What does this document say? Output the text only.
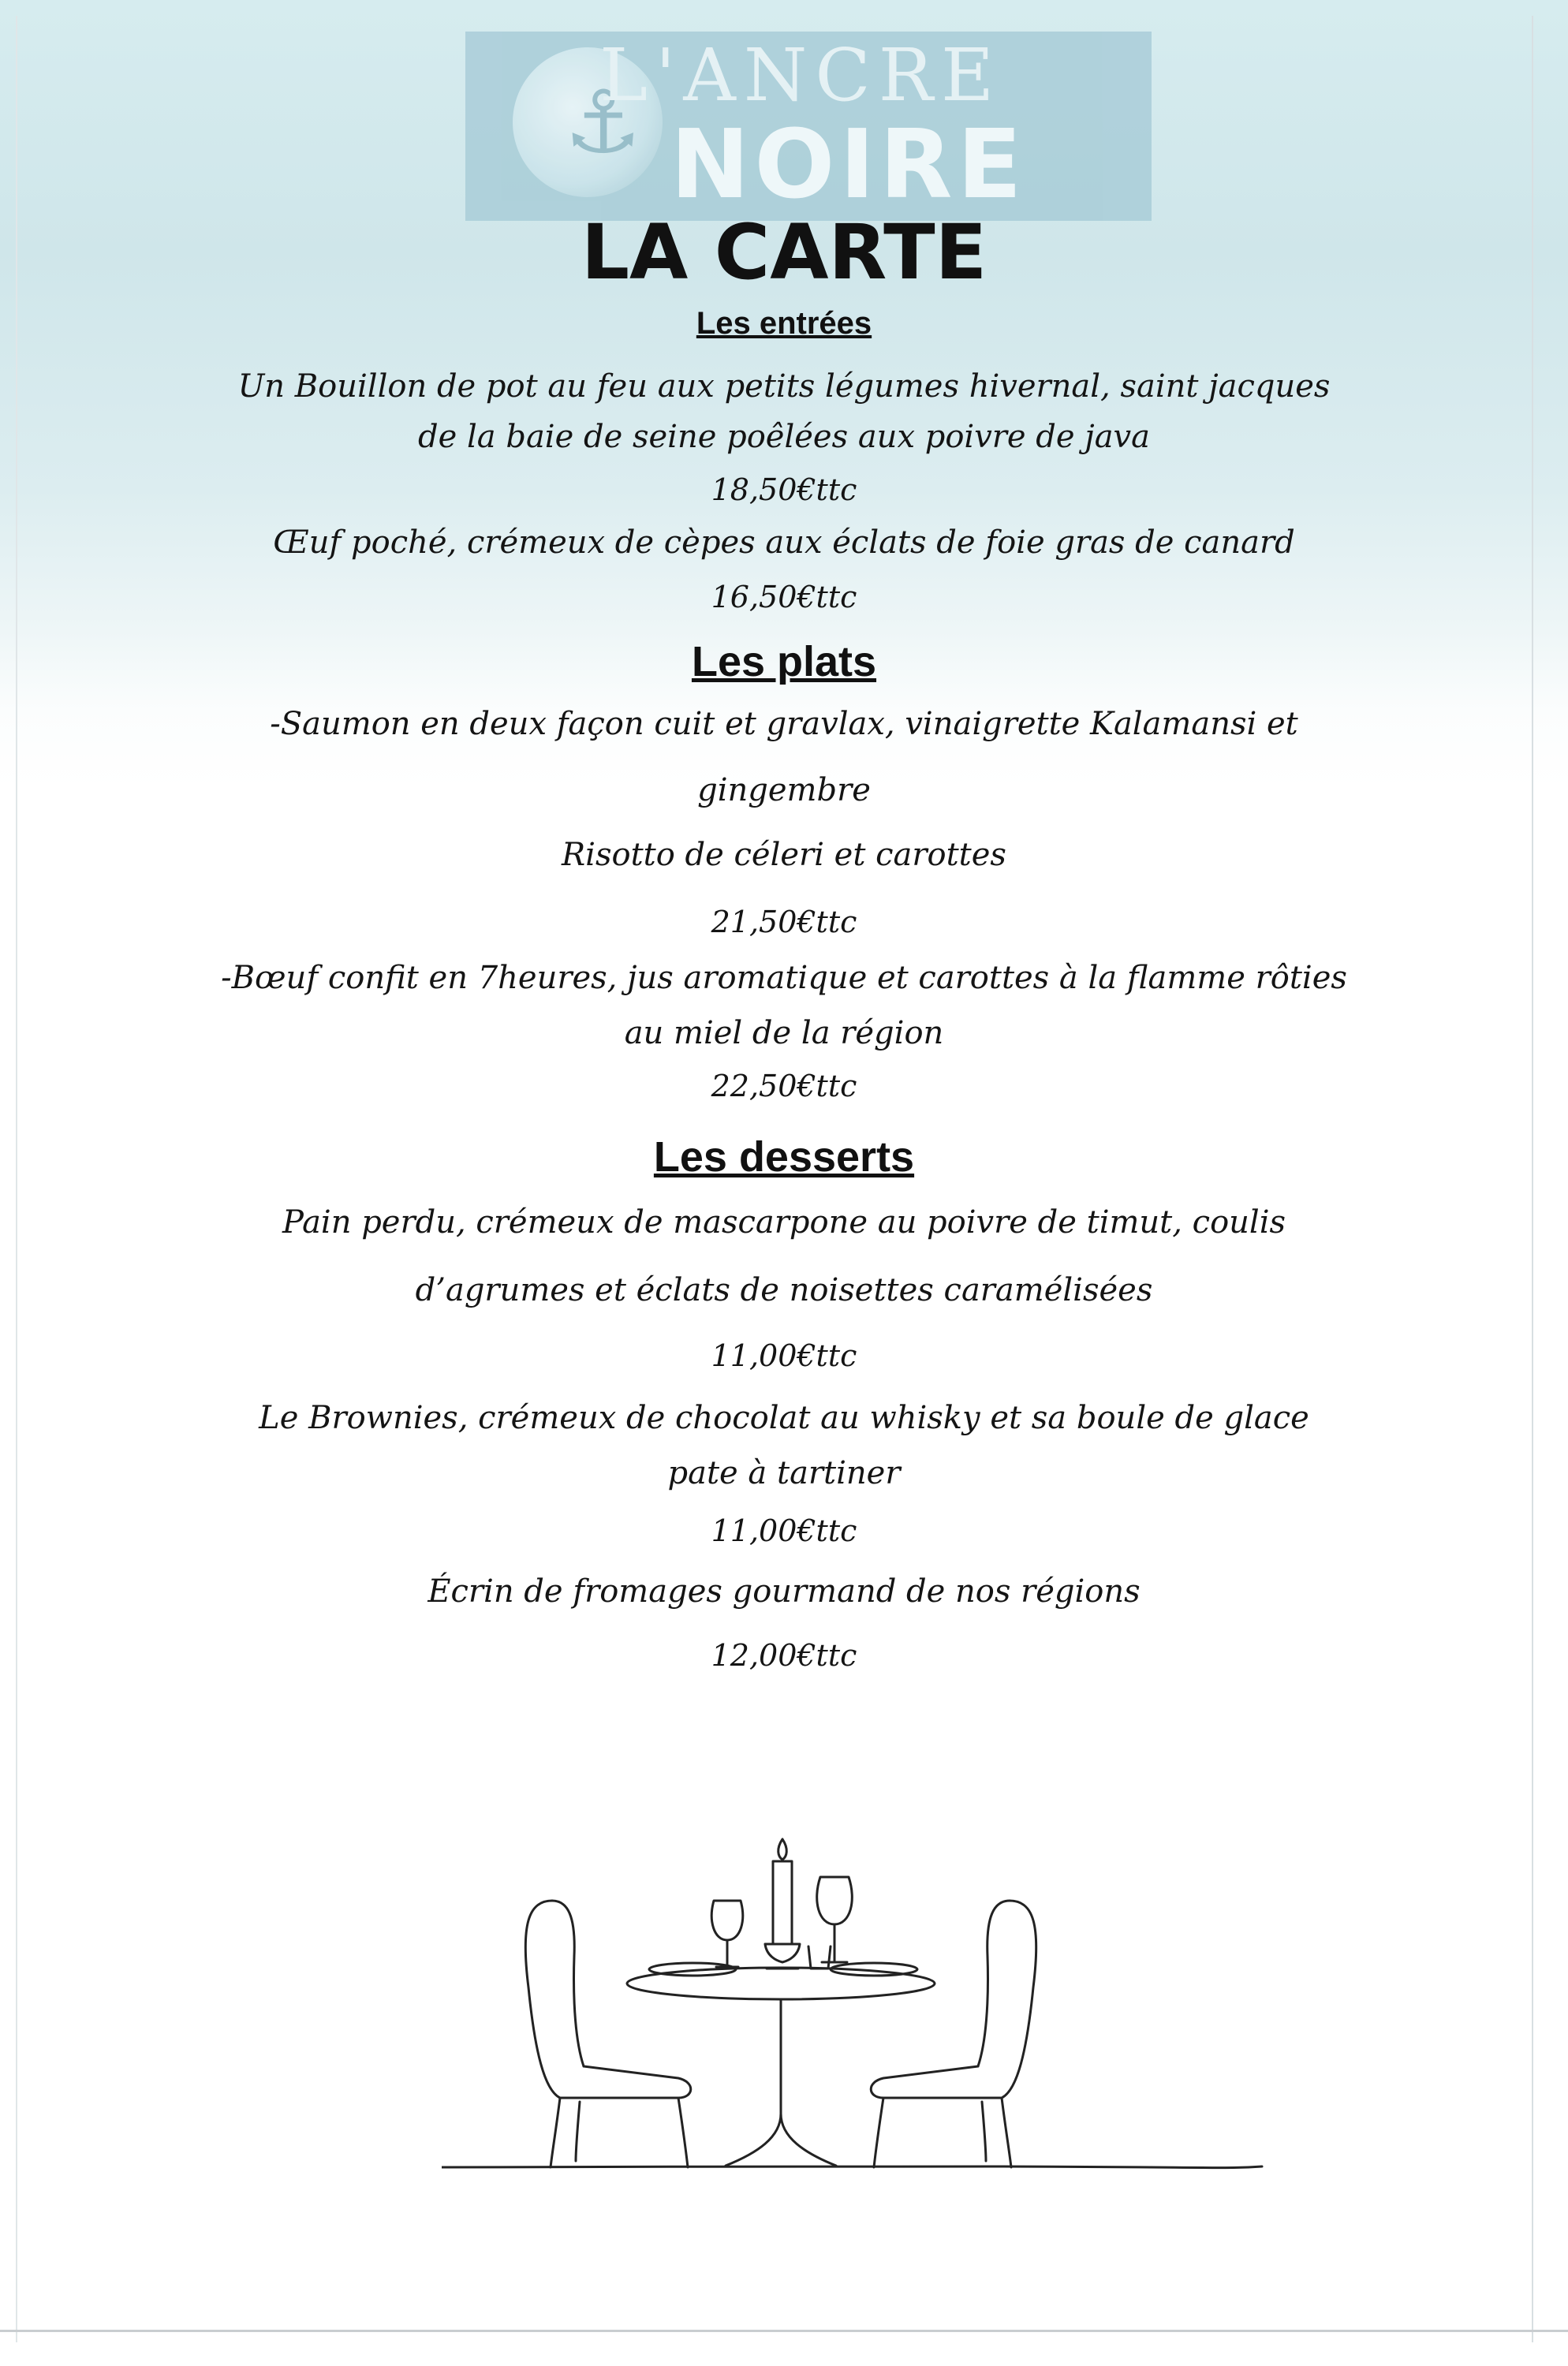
⚓
L'ANCRE
NOIRE
LA CARTE
Les entrées
Un Bouillon de pot au feu aux petits légumes hivernal, saint jacques
de la baie de seine poêlées aux poivre de java
18,50€ttc
Œuf poché, crémeux de cèpes aux éclats de foie gras de canard
16,50€ttc
Les plats
-Saumon en deux façon cuit et gravlax, vinaigrette Kalamansi et
gingembre
Risotto de céleri et carottes
21,50€ttc
-Bœuf confit en 7heures, jus aromatique et carottes à la flamme rôties
au miel de la région
22,50€ttc
Les desserts
Pain perdu, crémeux de mascarpone au poivre de timut, coulis
d’agrumes et éclats de noisettes caramélisées
11,00€ttc
Le Brownies, crémeux de chocolat au whisky et sa boule de glace
pate à tartiner
11,00€ttc
Écrin de fromages gourmand de nos régions
12,00€ttc
